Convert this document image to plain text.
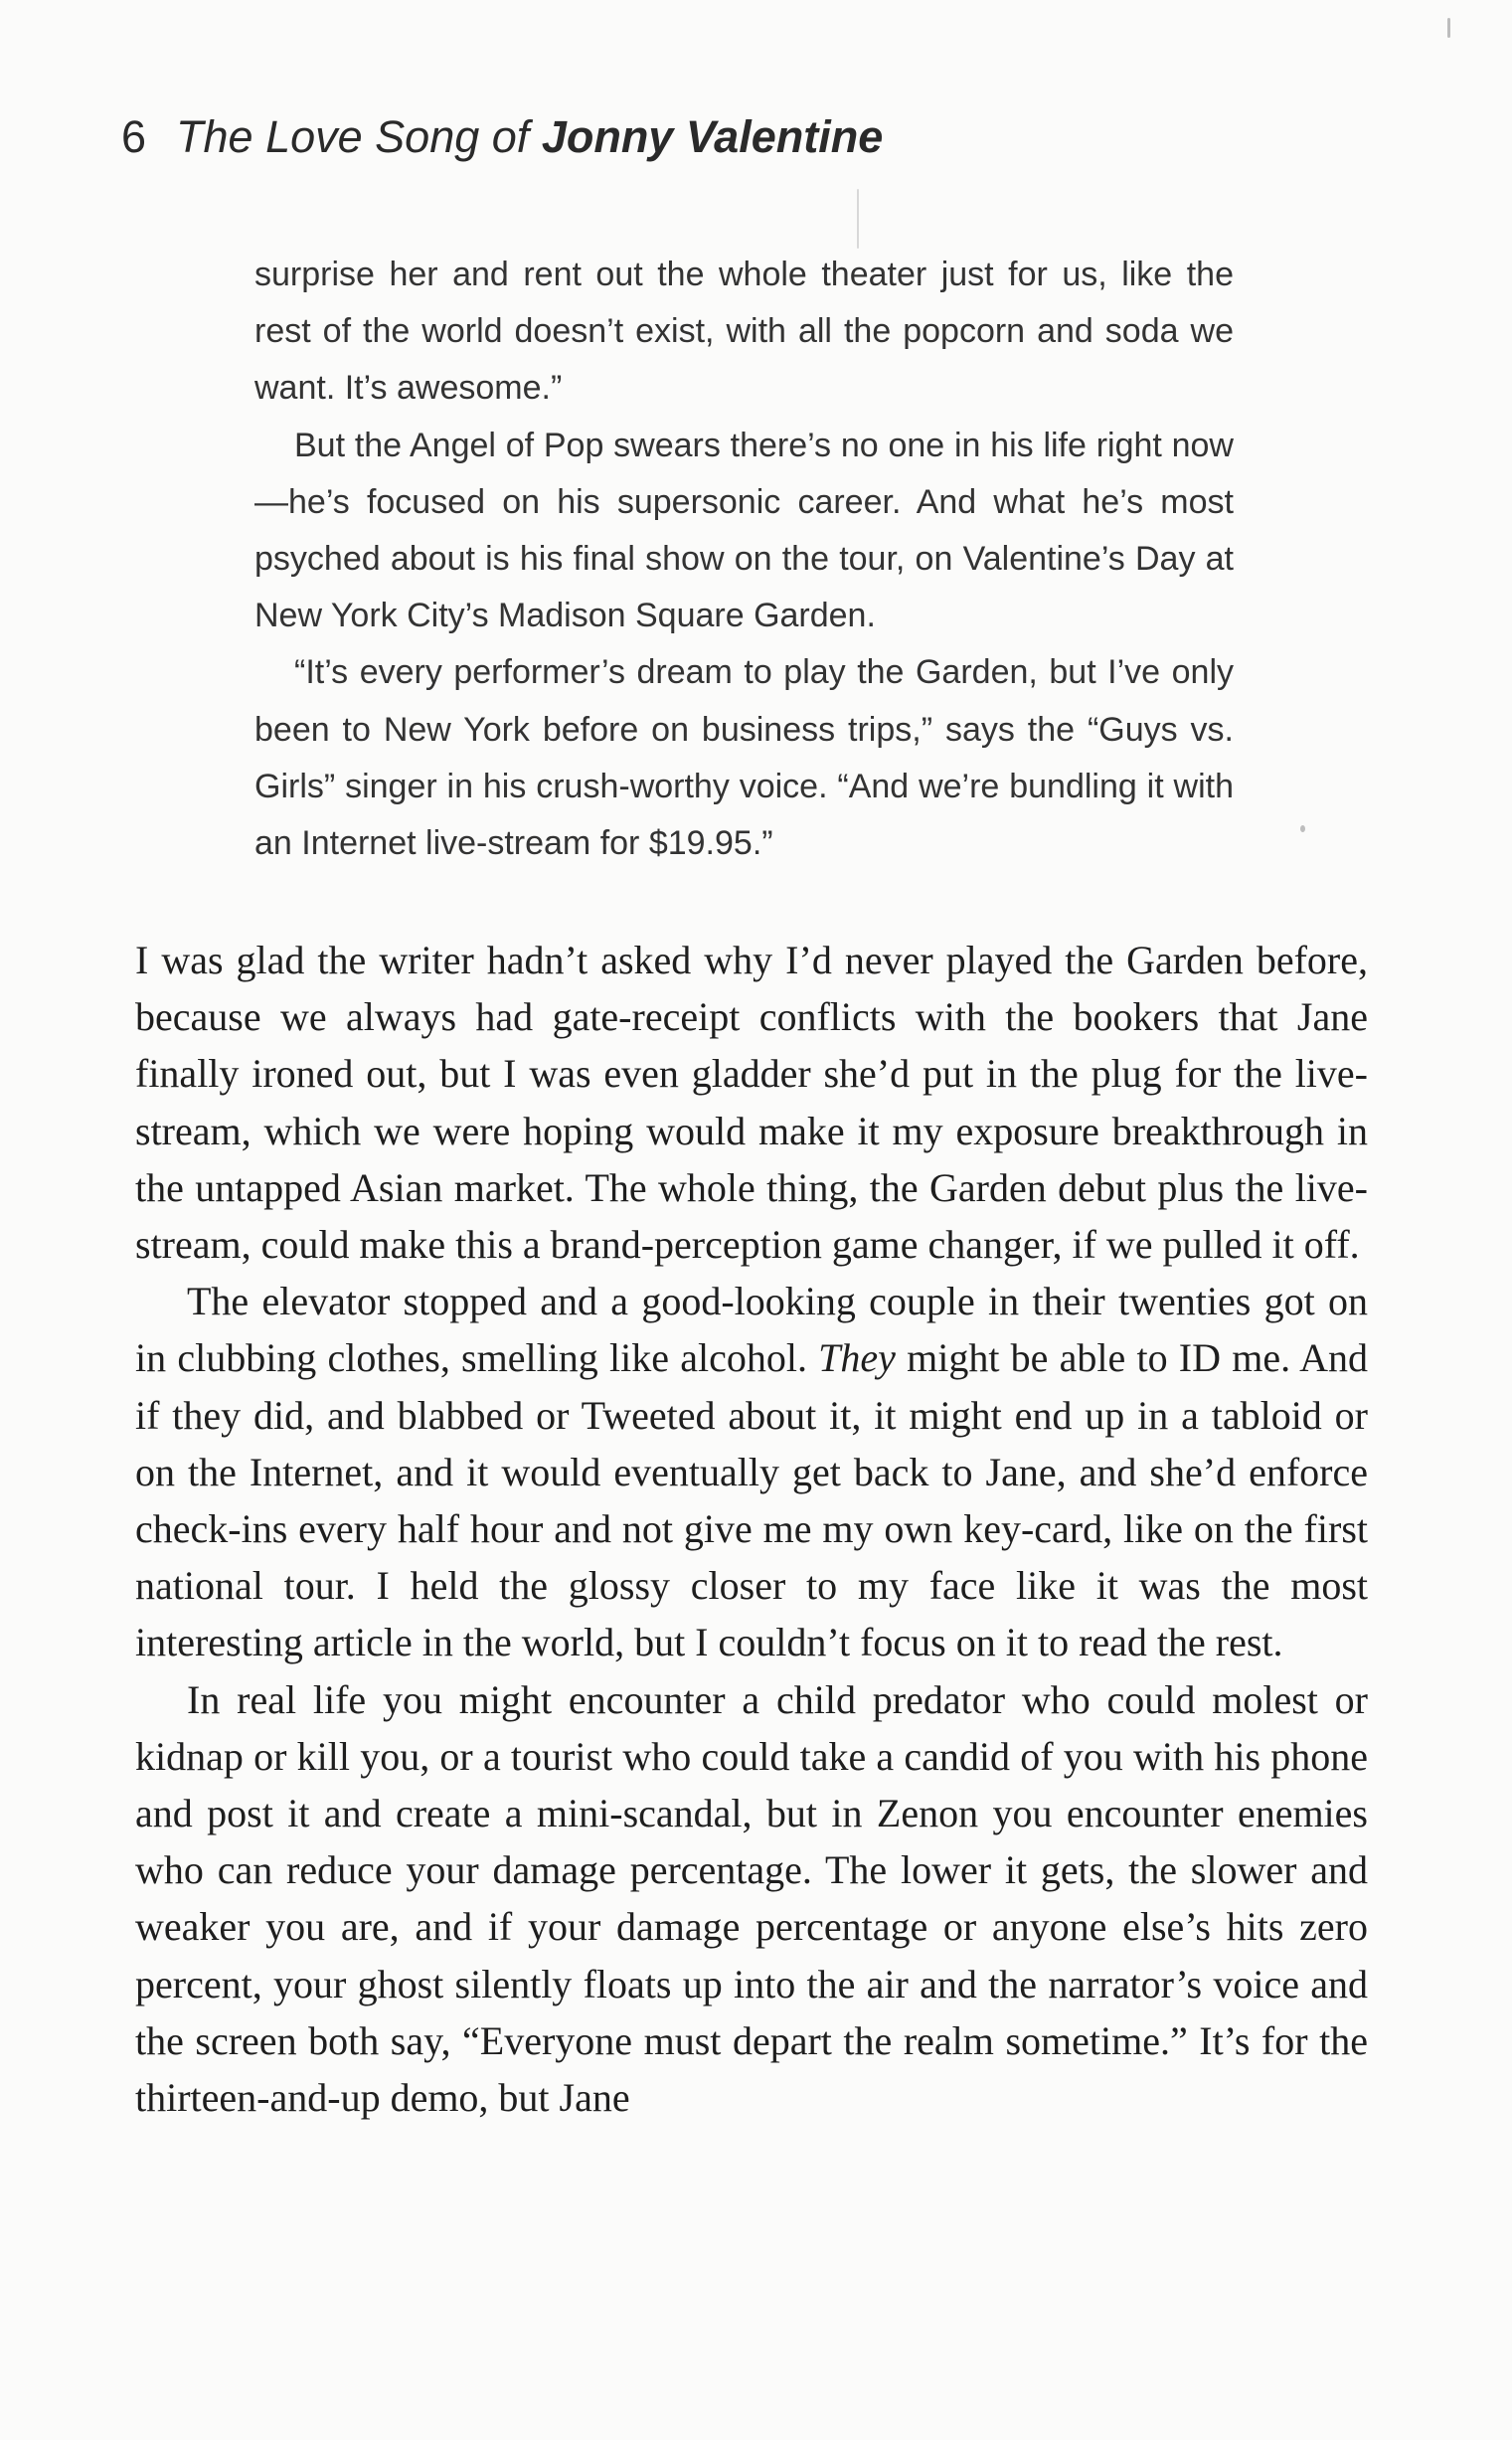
6 The Love Song of Jonny Valentine

surprise her and rent out the whole theater just for us, like the rest of the world doesn’t exist, with all the popcorn and soda we want. It’s awesome.”

But the Angel of Pop swears there’s no one in his life right now—he’s focused on his supersonic career. And what he’s most psyched about is his final show on the tour, on Valentine’s Day at New York City’s Madison Square Garden.

“It’s every performer’s dream to play the Garden, but I’ve only been to New York before on business trips,” says the “Guys vs. Girls” singer in his crush-worthy voice. “And we’re bundling it with an Internet live-stream for $19.95.”

I was glad the writer hadn’t asked why I’d never played the Garden before, because we always had gate-receipt conflicts with the bookers that Jane finally ironed out, but I was even gladder she’d put in the plug for the live-stream, which we were hoping would make it my exposure breakthrough in the untapped Asian market. The whole thing, the Garden debut plus the live-stream, could make this a brand-perception game changer, if we pulled it off.

The elevator stopped and a good-looking couple in their twenties got on in clubbing clothes, smelling like alcohol. They might be able to ID me. And if they did, and blabbed or Tweeted about it, it might end up in a tabloid or on the Internet, and it would eventually get back to Jane, and she’d enforce check-ins every half hour and not give me my own key-card, like on the first national tour. I held the glossy closer to my face like it was the most interesting article in the world, but I couldn’t focus on it to read the rest.

In real life you might encounter a child predator who could molest or kidnap or kill you, or a tourist who could take a candid of you with his phone and post it and create a mini-scandal, but in Zenon you encounter enemies who can reduce your damage percentage. The lower it gets, the slower and weaker you are, and if your damage percentage or anyone else’s hits zero percent, your ghost silently floats up into the air and the narrator’s voice and the screen both say, “Everyone must depart the realm sometime.” It’s for the thirteen-and-up demo, but Jane
